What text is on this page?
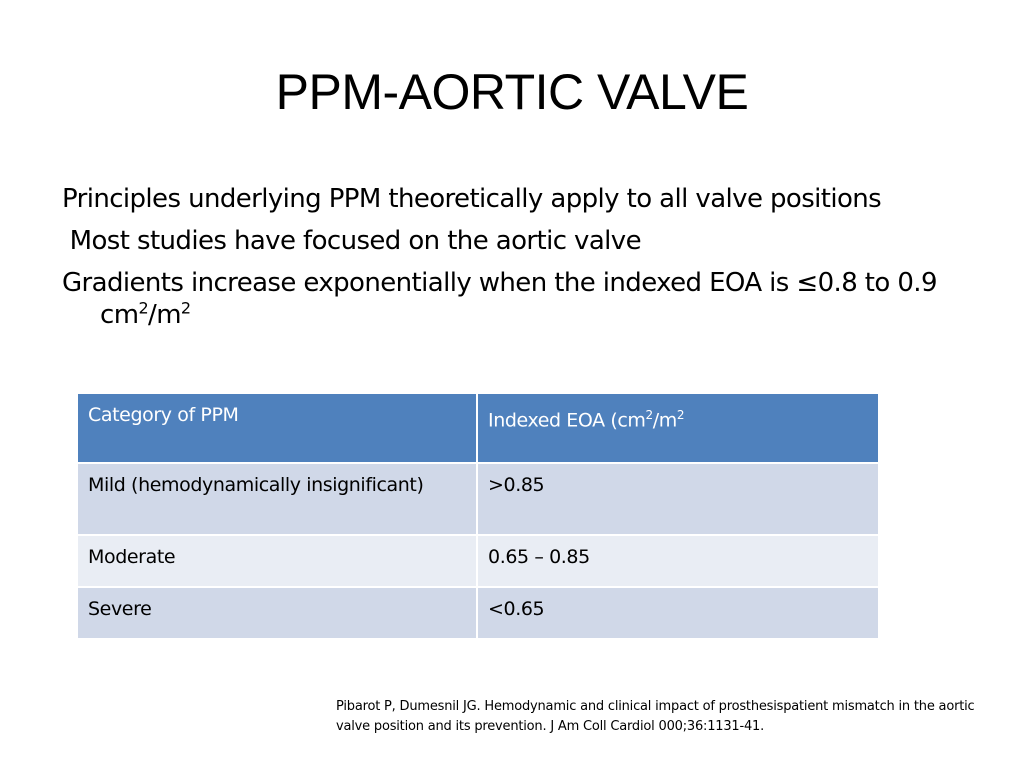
PPM-AORTIC VALVE
Principles underlying PPM theoretically apply to all valve positions
Most studies have focused on the aortic valve
Gradients increase exponentially when the indexed EOA is ≤0.8 to 0.9 $cm^2/m^2$
Category of PPM	Indexed EOA ($cm^2/m^2$
Mild (hemodynamically insignificant)	>0.85
Moderate	0.65 – 0.85
Severe	<0.65
Pibarot P, Dumesnil JG. Hemodynamic and clinical impact of prosthesispatient mismatch in the aortic valve position and its prevention. J Am Coll Cardiol 000;36:1131-41.
